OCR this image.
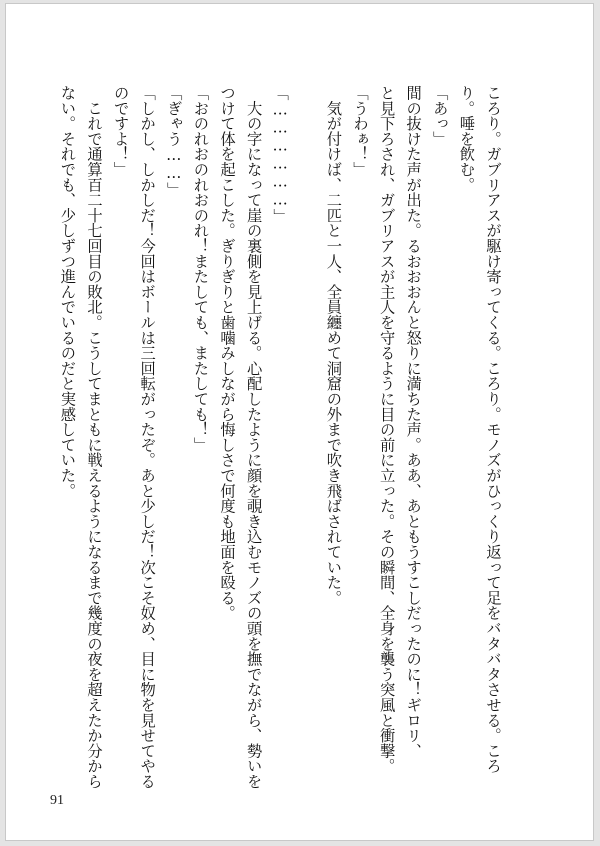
ころり。ガブリアスが駆け寄ってくる。ころり。モノズがひっくり返って足をバタバタさせる。ころ
り。唾を飲む。
「あっ」
間の抜けた声が出た。るおおおんと怒りに満ちた声。ああ、あともうすこしだったのに！ギロリ、
と見下ろされ、ガブリアスが主人を守るように目の前に立った。その瞬間、全身を襲う突風と衝撃。
「うわぁ！」
　気が付けば、二匹と一人、全員纏めて洞窟の外まで吹き飛ばされていた。
「………………」
　大の字になって崖の裏側を見上げる。心配したように顔を覗き込むモノズの頭を撫でながら、勢いを
つけて体を起こした。ぎりぎりと歯噛みしながら悔しさで何度も地面を殴る。
「おのれおのれおのれ！またしても、またしても！」
「ぎゃう……」
「しかし、しかしだ！今回はボールは三回転がったぞ。あと少しだ！次こそ奴め、目に物を見せてやる
のですよ！」
　これで通算百二十七回目の敗北。こうしてまともに戦えるようになるまで幾度の夜を超えたか分から
ない。それでも、少しずつ進んでいるのだと実感していた。
91
